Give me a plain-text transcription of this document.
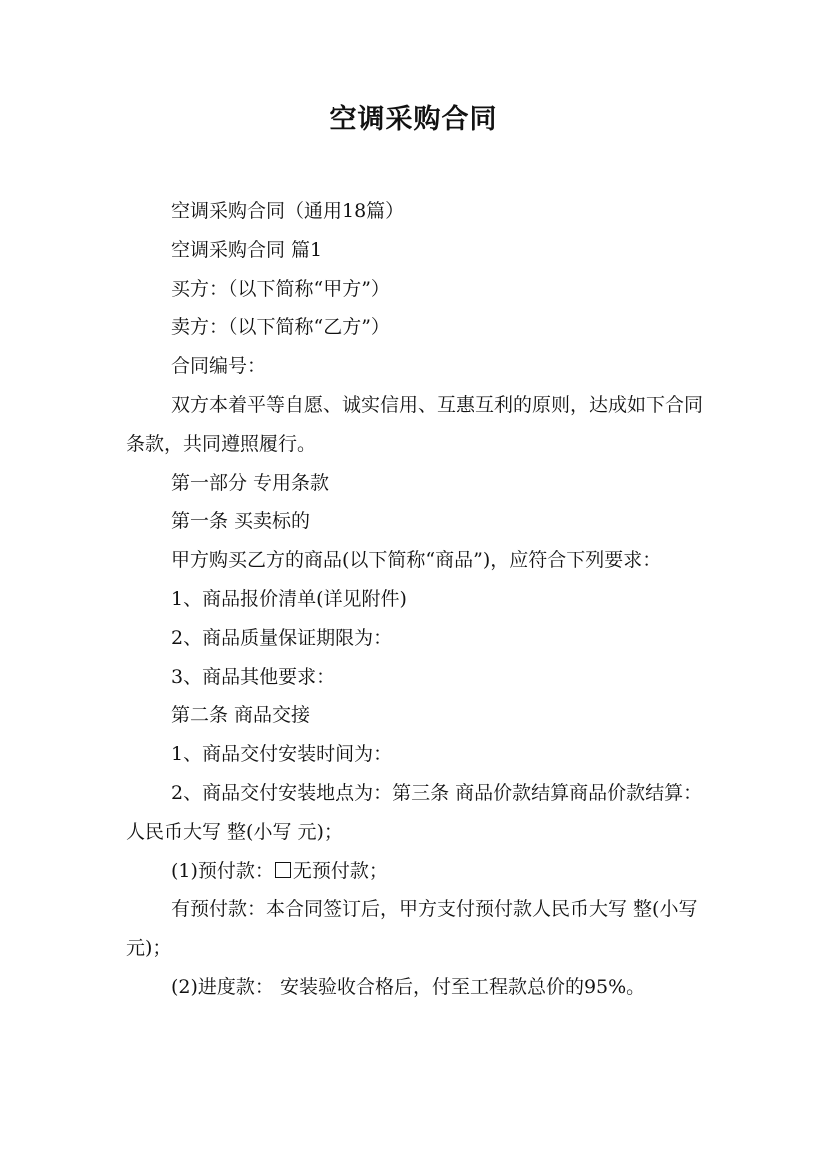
空调采购合同

空调采购合同（通用18篇）

空调采购合同 篇1

买方：（以下简称“甲方”）

卖方：（以下简称“乙方”）

合同编号：

双方本着平等自愿、诚实信用、互惠互利的原则，达成如下合同条款，共同遵照履行。

第一部分 专用条款

第一条 买卖标的

甲方购买乙方的商品(以下简称“商品”)，应符合下列要求：

1、商品报价清单(详见附件)

2、商品质量保证期限为：

3、商品其他要求：

第二条 商品交接

1、商品交付安装时间为：

2、商品交付安装地点为：第三条 商品价款结算商品价款结算：人民币大写 整(小写 元)；

(1)预付款： 无预付款；

有预付款：本合同签订后，甲方支付预付款人民币大写 整(小写元)；

(2)进度款： 安装验收合格后，付至工程款总价的95%。
